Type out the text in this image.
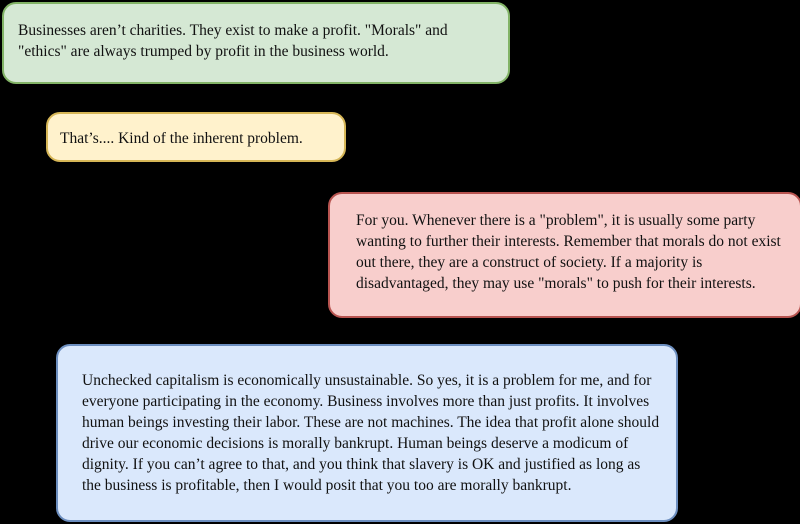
Businesses aren’t charities. They exist to make a profit. "Morals" and "ethics" are always trumped by profit in the business world.

That’s.... Kind of the inherent problem.

For you. Whenever there is a "problem", it is usually some party wanting to further their interests. Remember that morals do not exist out there, they are a construct of society. If a majority is disadvantaged, they may use "morals" to push for their interests.

Unchecked capitalism is economically unsustainable. So yes, it is a problem for me, and for everyone participating in the economy. Business involves more than just profits. It involves human beings investing their labor. These are not machines. The idea that profit alone should drive our economic decisions is morally bankrupt. Human beings deserve a modicum of dignity. If you can’t agree to that, and you think that slavery is OK and justified as long as the business is profitable, then I would posit that you too are morally bankrupt.
